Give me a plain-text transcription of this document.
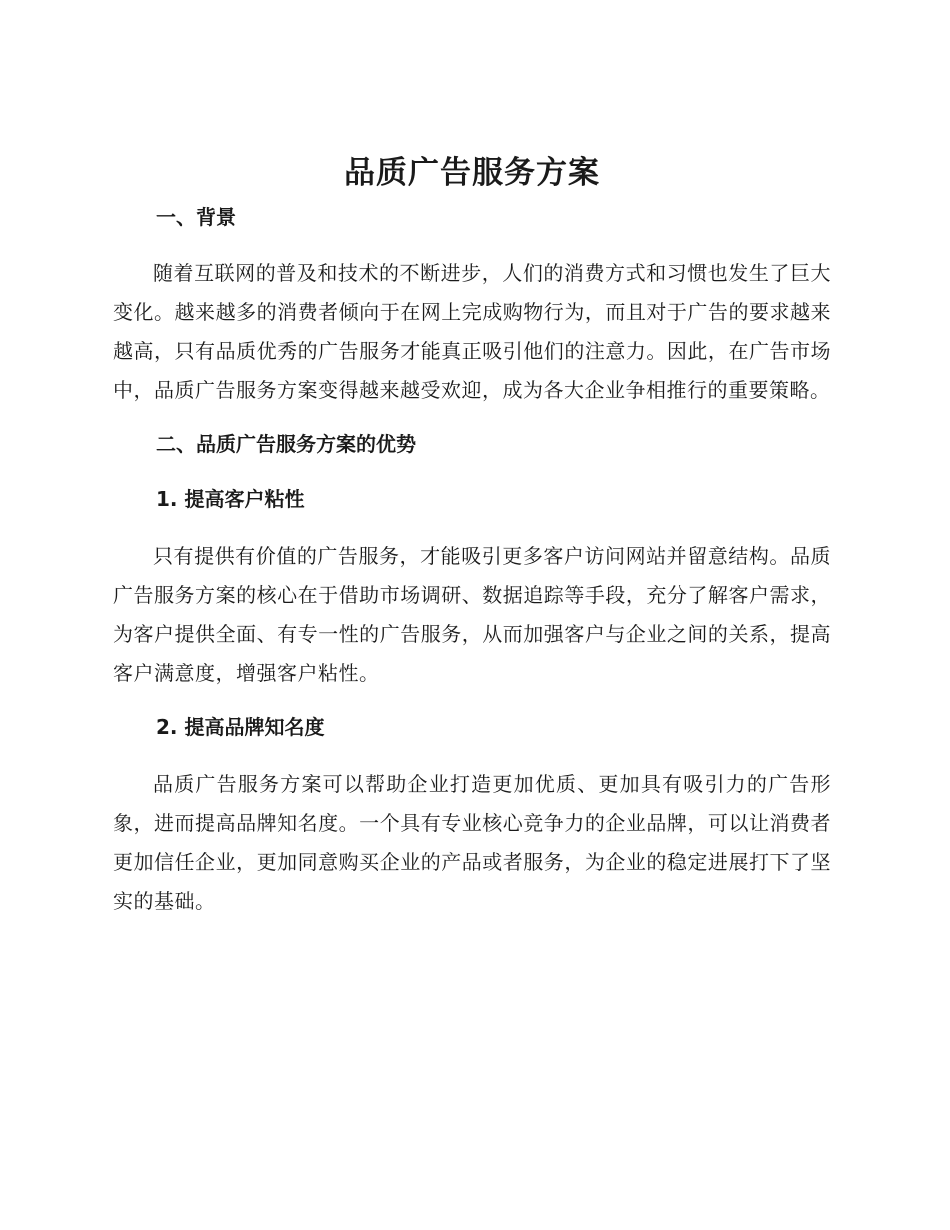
品质广告服务方案
一、背景

随着互联网的普及和技术的不断进步，人们的消费方式和习惯也发生了巨大变化。越来越多的消费者倾向于在网上完成购物行为，而且对于广告的要求越来越高，只有品质优秀的广告服务才能真正吸引他们的注意力。因此，在广告市场中，品质广告服务方案变得越来越受欢迎，成为各大企业争相推行的重要策略。

二、品质广告服务方案的优势
1. 提高客户粘性

只有提供有价值的广告服务，才能吸引更多客户访问网站并留意结构。品质广告服务方案的核心在于借助市场调研、数据追踪等手段，充分了解客户需求，为客户提供全面、有专一性的广告服务，从而加强客户与企业之间的关系，提高客户满意度，增强客户粘性。

2. 提高品牌知名度

品质广告服务方案可以帮助企业打造更加优质、更加具有吸引力的广告形象，进而提高品牌知名度。一个具有专业核心竞争力的企业品牌，可以让消费者更加信任企业，更加同意购买企业的产品或者服务，为企业的稳定进展打下了坚实的基础。
